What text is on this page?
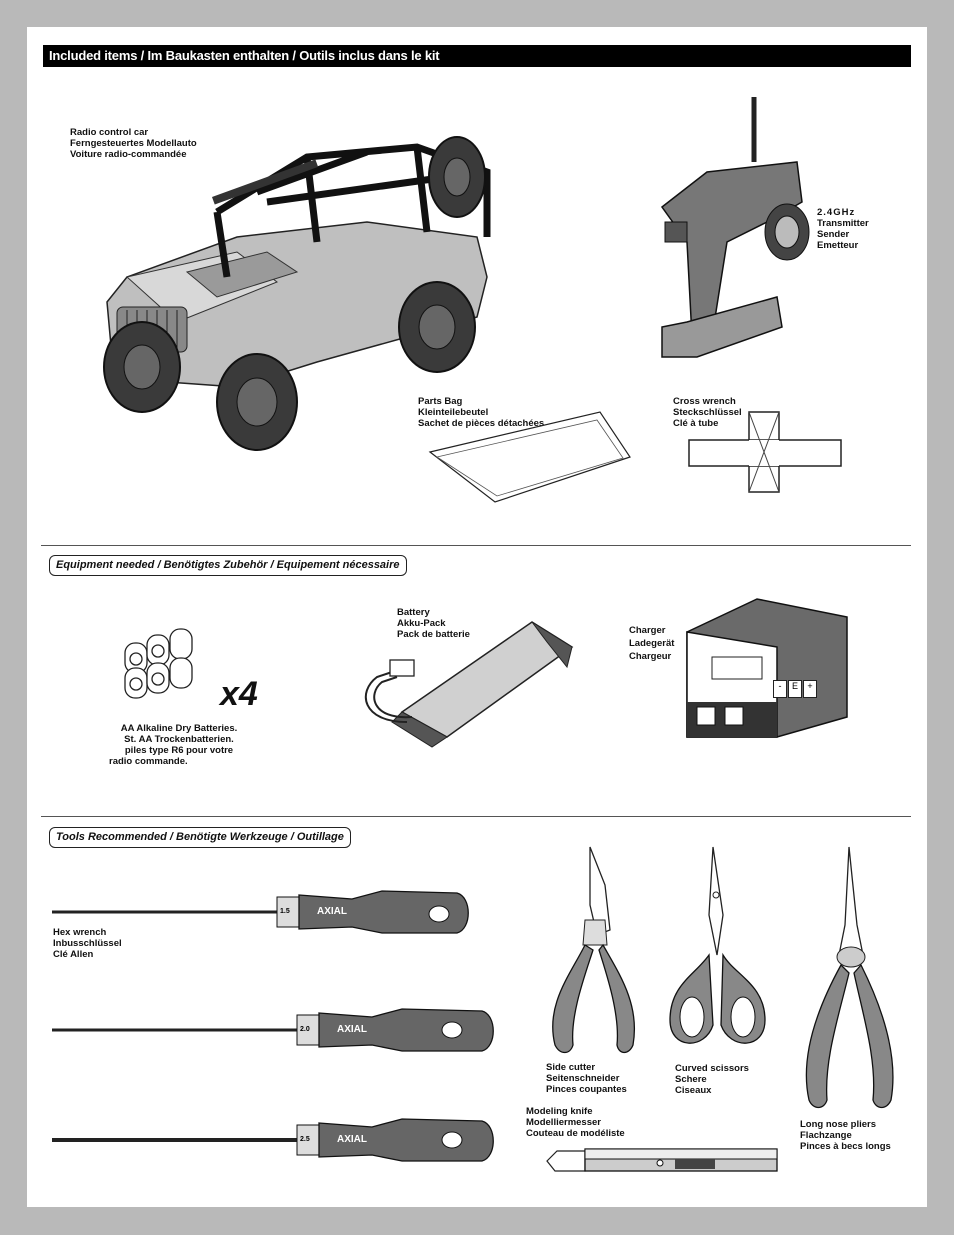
Included items / Im Baukasten enthalten / Outils inclus dans le kit
Radio control car
Ferngesteuertes Modellauto
Voiture radio-commandée
2.4GHz
Transmitter
Sender
Emetteur
Parts Bag
Kleinteilebeutel
Sachet de pièces détachées
Cross wrench
Steckschlüssel
Clé à tube
Equipment needed / Benötigtes Zubehör / Equipement nécessaire
x4
AA Alkaline Dry Batteries.
St. AA Trockenbatterien.
piles type R6 pour votre
radio commande.
Battery
Akku-Pack
Pack de batterie	Charger
Ladegerät
Chargeur
-	E	+
Tools Recommended / Benötigte Werkzeuge / Outillage
1.5	AXIAL
Hex wrench
Inbusschlüssel
Clé Allen
2.0	AXIAL
2.5	AXIAL
Side cutter
Seitenschneider
Pinces coupantes
Curved scissors
Schere
Ciseaux
Long nose pliers
Flachzange
Pinces à becs longs
Modeling knife
Modelliermesser
Couteau de modéliste
